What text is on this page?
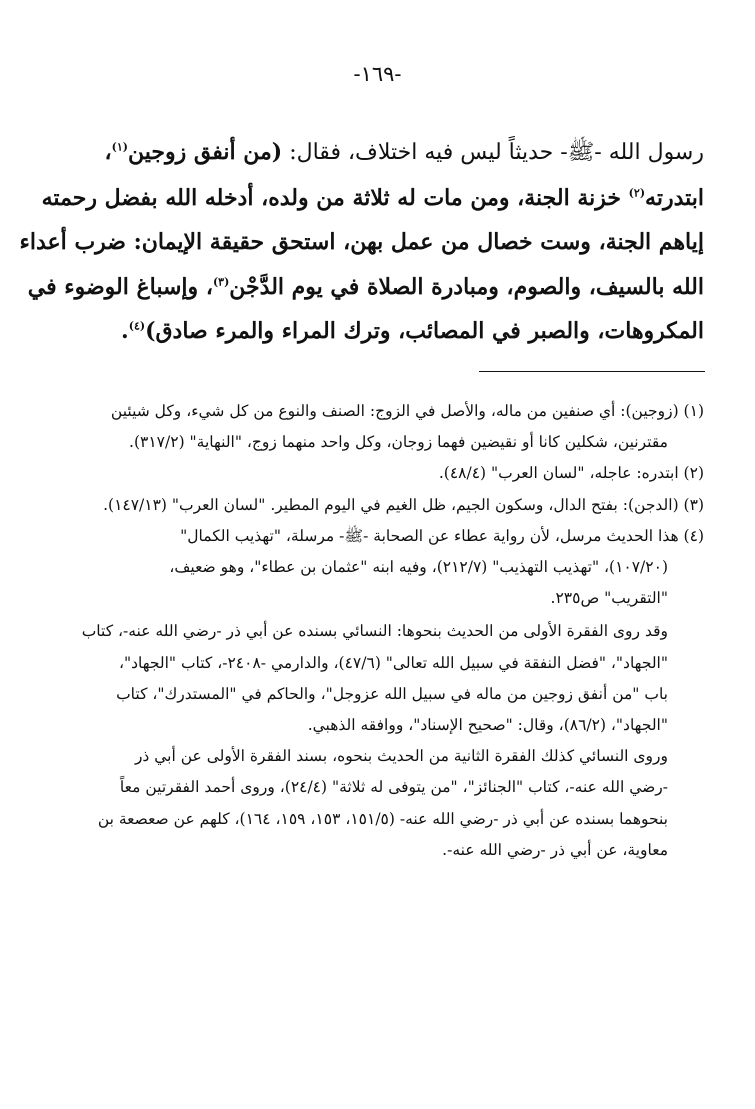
-١٦٩-
رسول الله -ﷺ- حديثاً ليس فيه اختلاف، فقال: (من أنفق زوجين$^{(١)}$،
ابتدرته$^{(٢)}$ خزنة الجنة، ومن مات له ثلاثة من ولده، أدخله الله بفضل رحمته
إياهم الجنة، وست خصال من عمل بهن، استحق حقيقة الإيمان: ضرب أعداء
الله بالسيف، والصوم، ومبادرة الصلاة في يوم الدَّجْن$^{(٣)}$، وإسباغ الوضوء في
المكروهات، والصبر في المصائب، وترك المراء والمرء صادق)$^{(٤)}$.
(١) (زوجين): أي صنفين من ماله، والأصل في الزوج: الصنف والنوع من كل شيء، وكل شيئين
مقترنين، شكلين كانا أو نقيضين فهما زوجان، وكل واحد منهما زوج، "النهاية" (٣١٧/٢).
(٢) ابتدره: عاجله، "لسان العرب" (٤٨/٤).
(٣) (الدجن): بفتح الدال، وسكون الجيم، ظل الغيم في اليوم المطير. "لسان العرب" (١٤٧/١٣).
(٤) هذا الحديث مرسل، لأن رواية عطاء عن الصحابة -ﷺ- مرسلة، "تهذيب الكمال"
(١٠٧/٢٠)، "تهذيب التهذيب" (٢١٢/٧)، وفيه ابنه "عثمان بن عطاء"، وهو ضعيف،
"التقريب" ص٢٣٥.
وقد روى الفقرة الأولى من الحديث بنحوها: النسائي بسنده عن أبي ذر -رضي الله عنه-، كتاب
"الجهاد"، "فضل النفقة في سبيل الله تعالى" (٤٧/٦)، والدارمي -٢٤٠٨-، كتاب "الجهاد"،
باب "من أنفق زوجين من ماله في سبيل الله عزوجل"، والحاكم في "المستدرك"، كتاب
"الجهاد"، (٨٦/٢)، وقال: "صحيح الإسناد"، ووافقه الذهبي.
وروى النسائي كذلك الفقرة الثانية من الحديث بنحوه، بسند الفقرة الأولى عن أبي ذر
-رضي الله عنه-، كتاب "الجنائز"، "من يتوفى له ثلاثة" (٢٤/٤)، وروى أحمد الفقرتين معاً
بنحوهما بسنده عن أبي ذر -رضي الله عنه- (١٥١/٥، ١٥٣، ١٥٩، ١٦٤)، كلهم عن صعصعة بن
معاوية، عن أبي ذر -رضي الله عنه-.
